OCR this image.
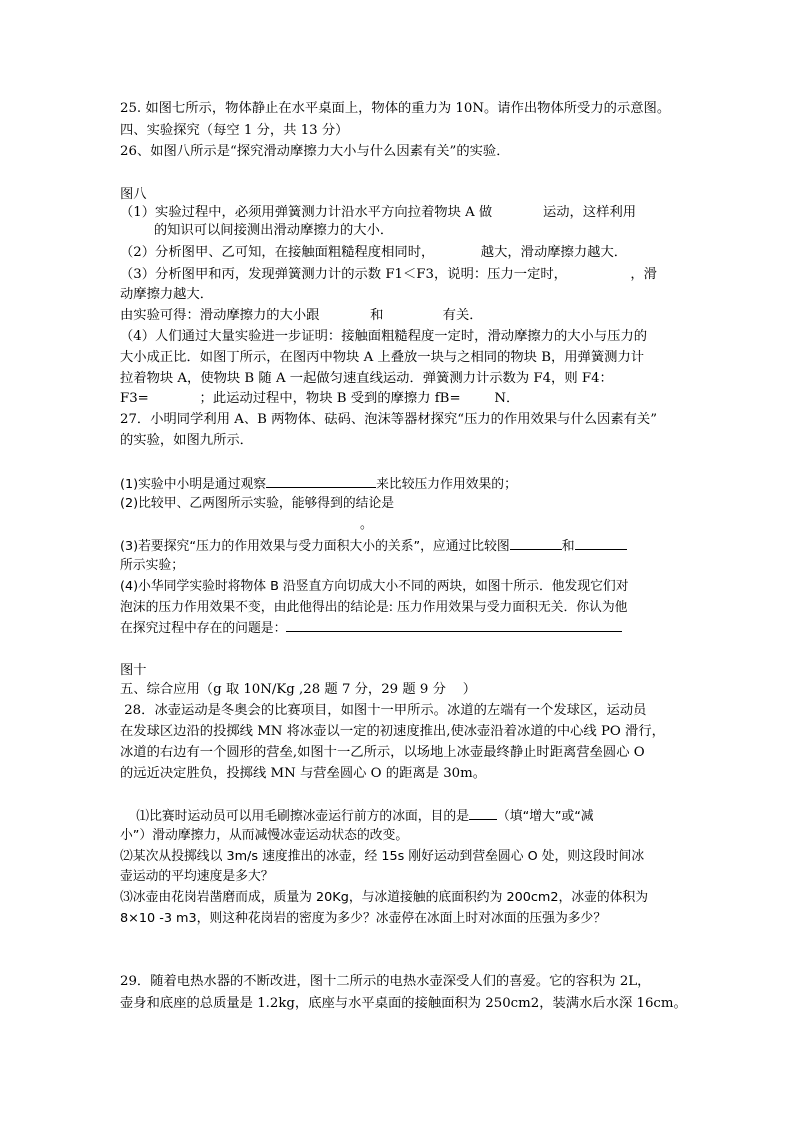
25. 如图七所示，物体静止在水平桌面上，物体的重力为 10N。请作出物体所受力的示意图。
四、实验探究（每空 1 分，共 13 分）
26、如图八所示是“探究滑动摩擦力大小与什么因素有关”的实验．
图八
（1）实验过程中，必须用弹簧测力计沿水平方向拉着物块 A 做            运动，这样利用
的知识可以间接测出滑动摩擦力的大小．
（2）分析图甲、乙可知，在接触面粗糙程度相同时，           越大，滑动摩擦力越大．
（3）分析图甲和丙，发现弹簧测力计的示数 F1＜F3，说明：压力一定时，               ，滑
动摩擦力越大．
由实验可得：滑动摩擦力的大小跟            和              有关．
（4）人们通过大量实验进一步证明：接触面粗糙程度一定时，滑动摩擦力的大小与压力的
大小成正比．如图丁所示，在图丙中物块 A 上叠放一块与之相同的物块 B，用弹簧测力计
拉着物块 A，使物块 B 随 A 一起做匀速直线运动．弹簧测力计示数为 F4，则 F4：
F3=            ；此运动过程中，物块 B 受到的摩擦力 fB=        N．
27．小明同学利用 A、B 两物体、砝码、泡沫等器材探究“压力的作用效果与什么因素有关”
的实验，如图九所示．
(1)实验中小明是通过观察	来比较压力作用效果的；
(2)比较甲、乙两图所示实验，能够得到的结论是
。
(3)若要探究“压力的作用效果与受力面积大小的关系”，应通过比较图	和
所示实验；
(4)小华同学实验时将物体 B 沿竖直方向切成大小不同的两块，如图十所示．他发现它们对
泡沫的压力作用效果不变，由此他得出的结论是: 压力作用效果与受力面积无关．你认为他
在探究过程中存在的问题是：
图十
五、综合应用（g 取 10N/Kg ,28 题 7 分，29 题 9 分    ）
28．冰壶运动是冬奥会的比赛项目，如图十一甲所示。冰道的左端有一个发球区，运动员
在发球区边沿的投掷线 MN 将冰壶以一定的初速度推出,使冰壶沿着冰道的中心线 PO 滑行，
冰道的右边有一个圆形的营垒,如图十一乙所示，以场地上冰壶最终静止时距离营垒圆心 O
的远近决定胜负，投掷线 MN 与营垒圆心 O 的距离是 30m。
⑴比赛时运动员可以用毛刷擦冰壶运行前方的冰面，目的是 （填“增大”或“减
小”）滑动摩擦力，从而减慢冰壶运动状态的改变。
⑵某次从投掷线以 3m/s 速度推出的冰壶，经 15s 刚好运动到营垒圆心 O 处，则这段时间冰
壶运动的平均速度是多大？
⑶冰壶由花岗岩凿磨而成，质量为 20Kg，与冰道接触的底面积约为 200cm2，冰壶的体积为
8×10 -3 m3，则这种花岗岩的密度为多少？冰壶停在冰面上时对冰面的压强为多少？
29．随着电热水器的不断改进，图十二所示的电热水壶深受人们的喜爱。它的容积为 2L，
壶身和底座的总质量是 1.2kg，底座与水平桌面的接触面积为 250cm2，装满水后水深 16cm。
